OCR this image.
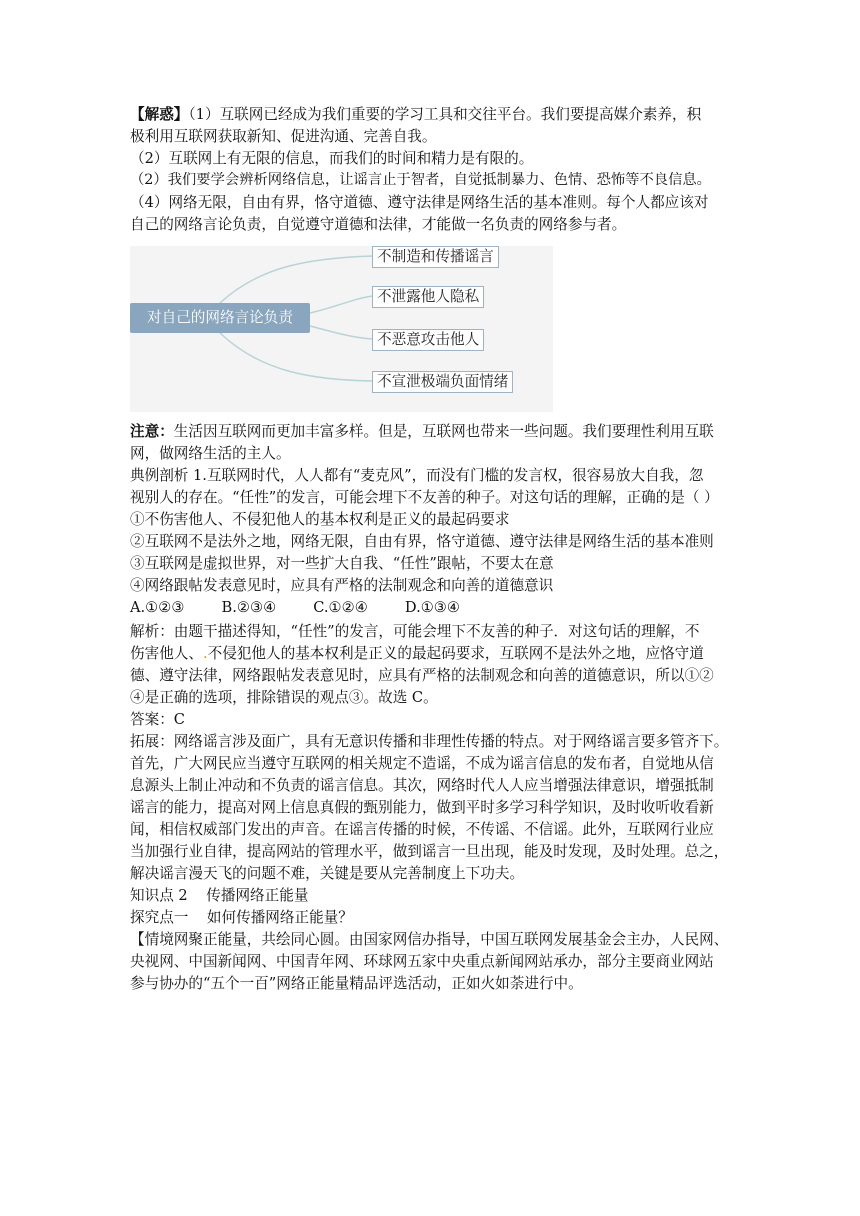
【解惑】（1）互联网已经成为我们重要的学习工具和交往平台。我们要提高媒介素养，积
极利用互联网获取新知、促进沟通、完善自我。
（2）互联网上有无限的信息，而我们的时间和精力是有限的。
（2）我们要学会辨析网络信息，让谣言止于智者，自觉抵制暴力、色情、恐怖等不良信息。
（4）网络无限，自由有界，恪守道德、遵守法律是网络生活的基本准则。每个人都应该对
自己的网络言论负责，自觉遵守道德和法律，才能做一名负责的网络参与者。
对自己的网络言论负责
不制造和传播谣言
不泄露他人隐私
不恶意攻击他人
不宣泄极端负面情绪
注意：生活因互联网而更加丰富多样。但是，互联网也带来一些问题。我们要理性利用互联
网，做网络生活的主人。
典例剖析 1.互联网时代，人人都有“麦克风”，而没有门槛的发言权，很容易放大自我，忽
视别人的存在。“任性”的发言，可能会埋下不友善的种子。对这句话的理解，正确的是（ ）
①不伤害他人、不侵犯他人的基本权利是正义的最起码要求
②互联网不是法外之地，网络无限，自由有界，恪守道德、遵守法律是网络生活的基本准则
③互联网是虚拟世界，对一些扩大自我、“任性”跟帖，不要太在意
④网络跟帖发表意见时，应具有严格的法制观念和向善的道德意识
A.①②③        B.②③④        C.①②④        D.①③④
解析：由题干描述得知，“任性”的发言，可能会埋下不友善的种子．对这句话的理解，不
伤害他人、.不侵犯他人的基本权利是正义的最起码要求，互联网不是法外之地，应恪守道
德、遵守法律，网络跟帖发表意见时，应具有严格的法制观念和向善的道德意识，所以①②
④是正确的选项，排除错误的观点③。故选 C。
答案：C
拓展：网络谣言涉及面广，具有无意识传播和非理性传播的特点。对于网络谣言要多管齐下。
首先，广大网民应当遵守互联网的相关规定不造谣，不成为谣言信息的发布者，自觉地从信
息源头上制止冲动和不负责的谣言信息。其次，网络时代人人应当增强法律意识，增强抵制
谣言的能力，提高对网上信息真假的甄别能力，做到平时多学习科学知识，及时收听收看新
闻，相信权威部门发出的声音。在谣言传播的时候，不传谣、不信谣。此外，互联网行业应
当加强行业自律，提高网站的管理水平，做到谣言一旦出现，能及时发现，及时处理。总之，
解决谣言漫天飞的问题不难，关键是要从完善制度上下功夫。
知识点 2    传播网络正能量
探究点一    如何传播网络正能量？
【情境网聚正能量，共绘同心圆。由国家网信办指导，中国互联网发展基金会主办，人民网、
央视网、中国新闻网、中国青年网、环球网五家中央重点新闻网站承办，部分主要商业网站
参与协办的“五个一百”网络正能量精品评选活动，正如火如荼进行中。
